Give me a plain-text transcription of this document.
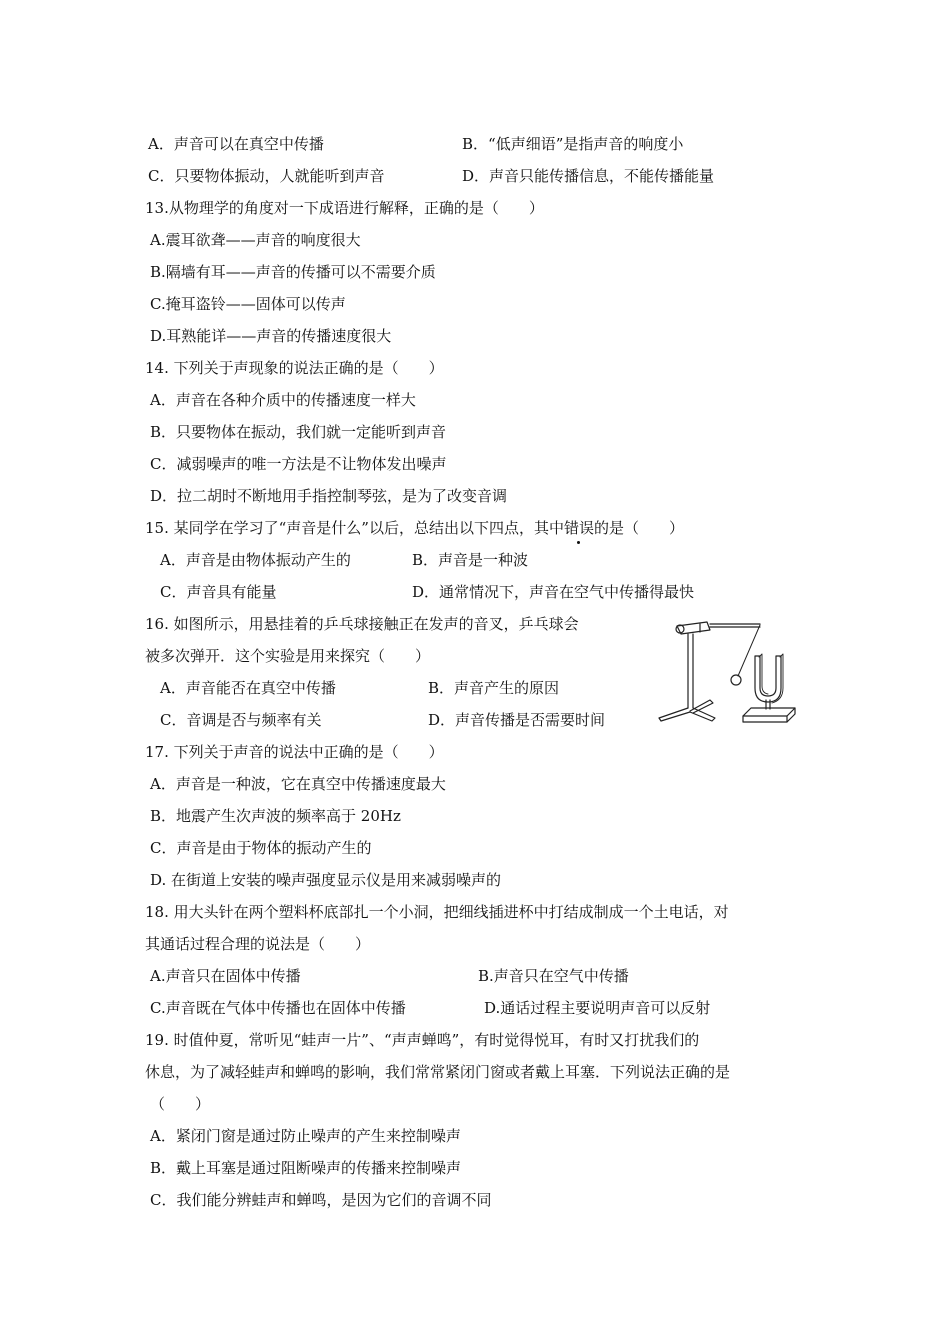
A．声音可以在真空中传播	B．“低声细语”是指声音的响度小
C．只要物体振动，人就能听到声音	D．声音只能传播信息，不能传播能量
13.从物理学的角度对一下成语进行解释，正确的是（　　）
A.震耳欲聋——声音的响度很大
B.隔墙有耳——声音的传播可以不需要介质
C.掩耳盗铃——固体可以传声
D.耳熟能详——声音的传播速度很大
14. 下列关于声现象的说法正确的是（　　）
A．声音在各种介质中的传播速度一样大
B．只要物体在振动，我们就一定能听到声音
C．减弱噪声的唯一方法是不让物体发出噪声
D．拉二胡时不断地用手指控制琴弦，是为了改变音调
15. 某同学在学习了“声音是什么”以后，总结出以下四点，其中错误的是（　　）
A．声音是由物体振动产生的	B．声音是一种波
C．声音具有能量	D．通常情况下，声音在空气中传播得最快
16. 如图所示，用悬挂着的乒乓球接触正在发声的音叉，乒乓球会
被多次弹开．这个实验是用来探究（　　）
A．声音能否在真空中传播	B．声音产生的原因
C．音调是否与频率有关	D．声音传播是否需要时间
17. 下列关于声音的说法中正确的是（　　）
A．声音是一种波，它在真空中传播速度最大
B．地震产生次声波的频率高于 20Hz
C．声音是由于物体的振动产生的
D. 在街道上安装的噪声强度显示仪是用来减弱噪声的
18. 用大头针在两个塑料杯底部扎一个小洞，把细线插进杯中打结成制成一个土电话，对
其通话过程合理的说法是（　　）
A.声音只在固体中传播	B.声音只在空气中传播
C.声音既在气体中传播也在固体中传播	D.通话过程主要说明声音可以反射
19. 时值仲夏，常听见“蛙声一片”、“声声蝉鸣”，有时觉得悦耳，有时又打扰我们的
休息，为了减轻蛙声和蝉鸣的影响，我们常常紧闭门窗或者戴上耳塞．下列说法正确的是
（　　）
A．紧闭门窗是通过防止噪声的产生来控制噪声
B．戴上耳塞是通过阻断噪声的传播来控制噪声
C．我们能分辨蛙声和蝉鸣，是因为它们的音调不同
